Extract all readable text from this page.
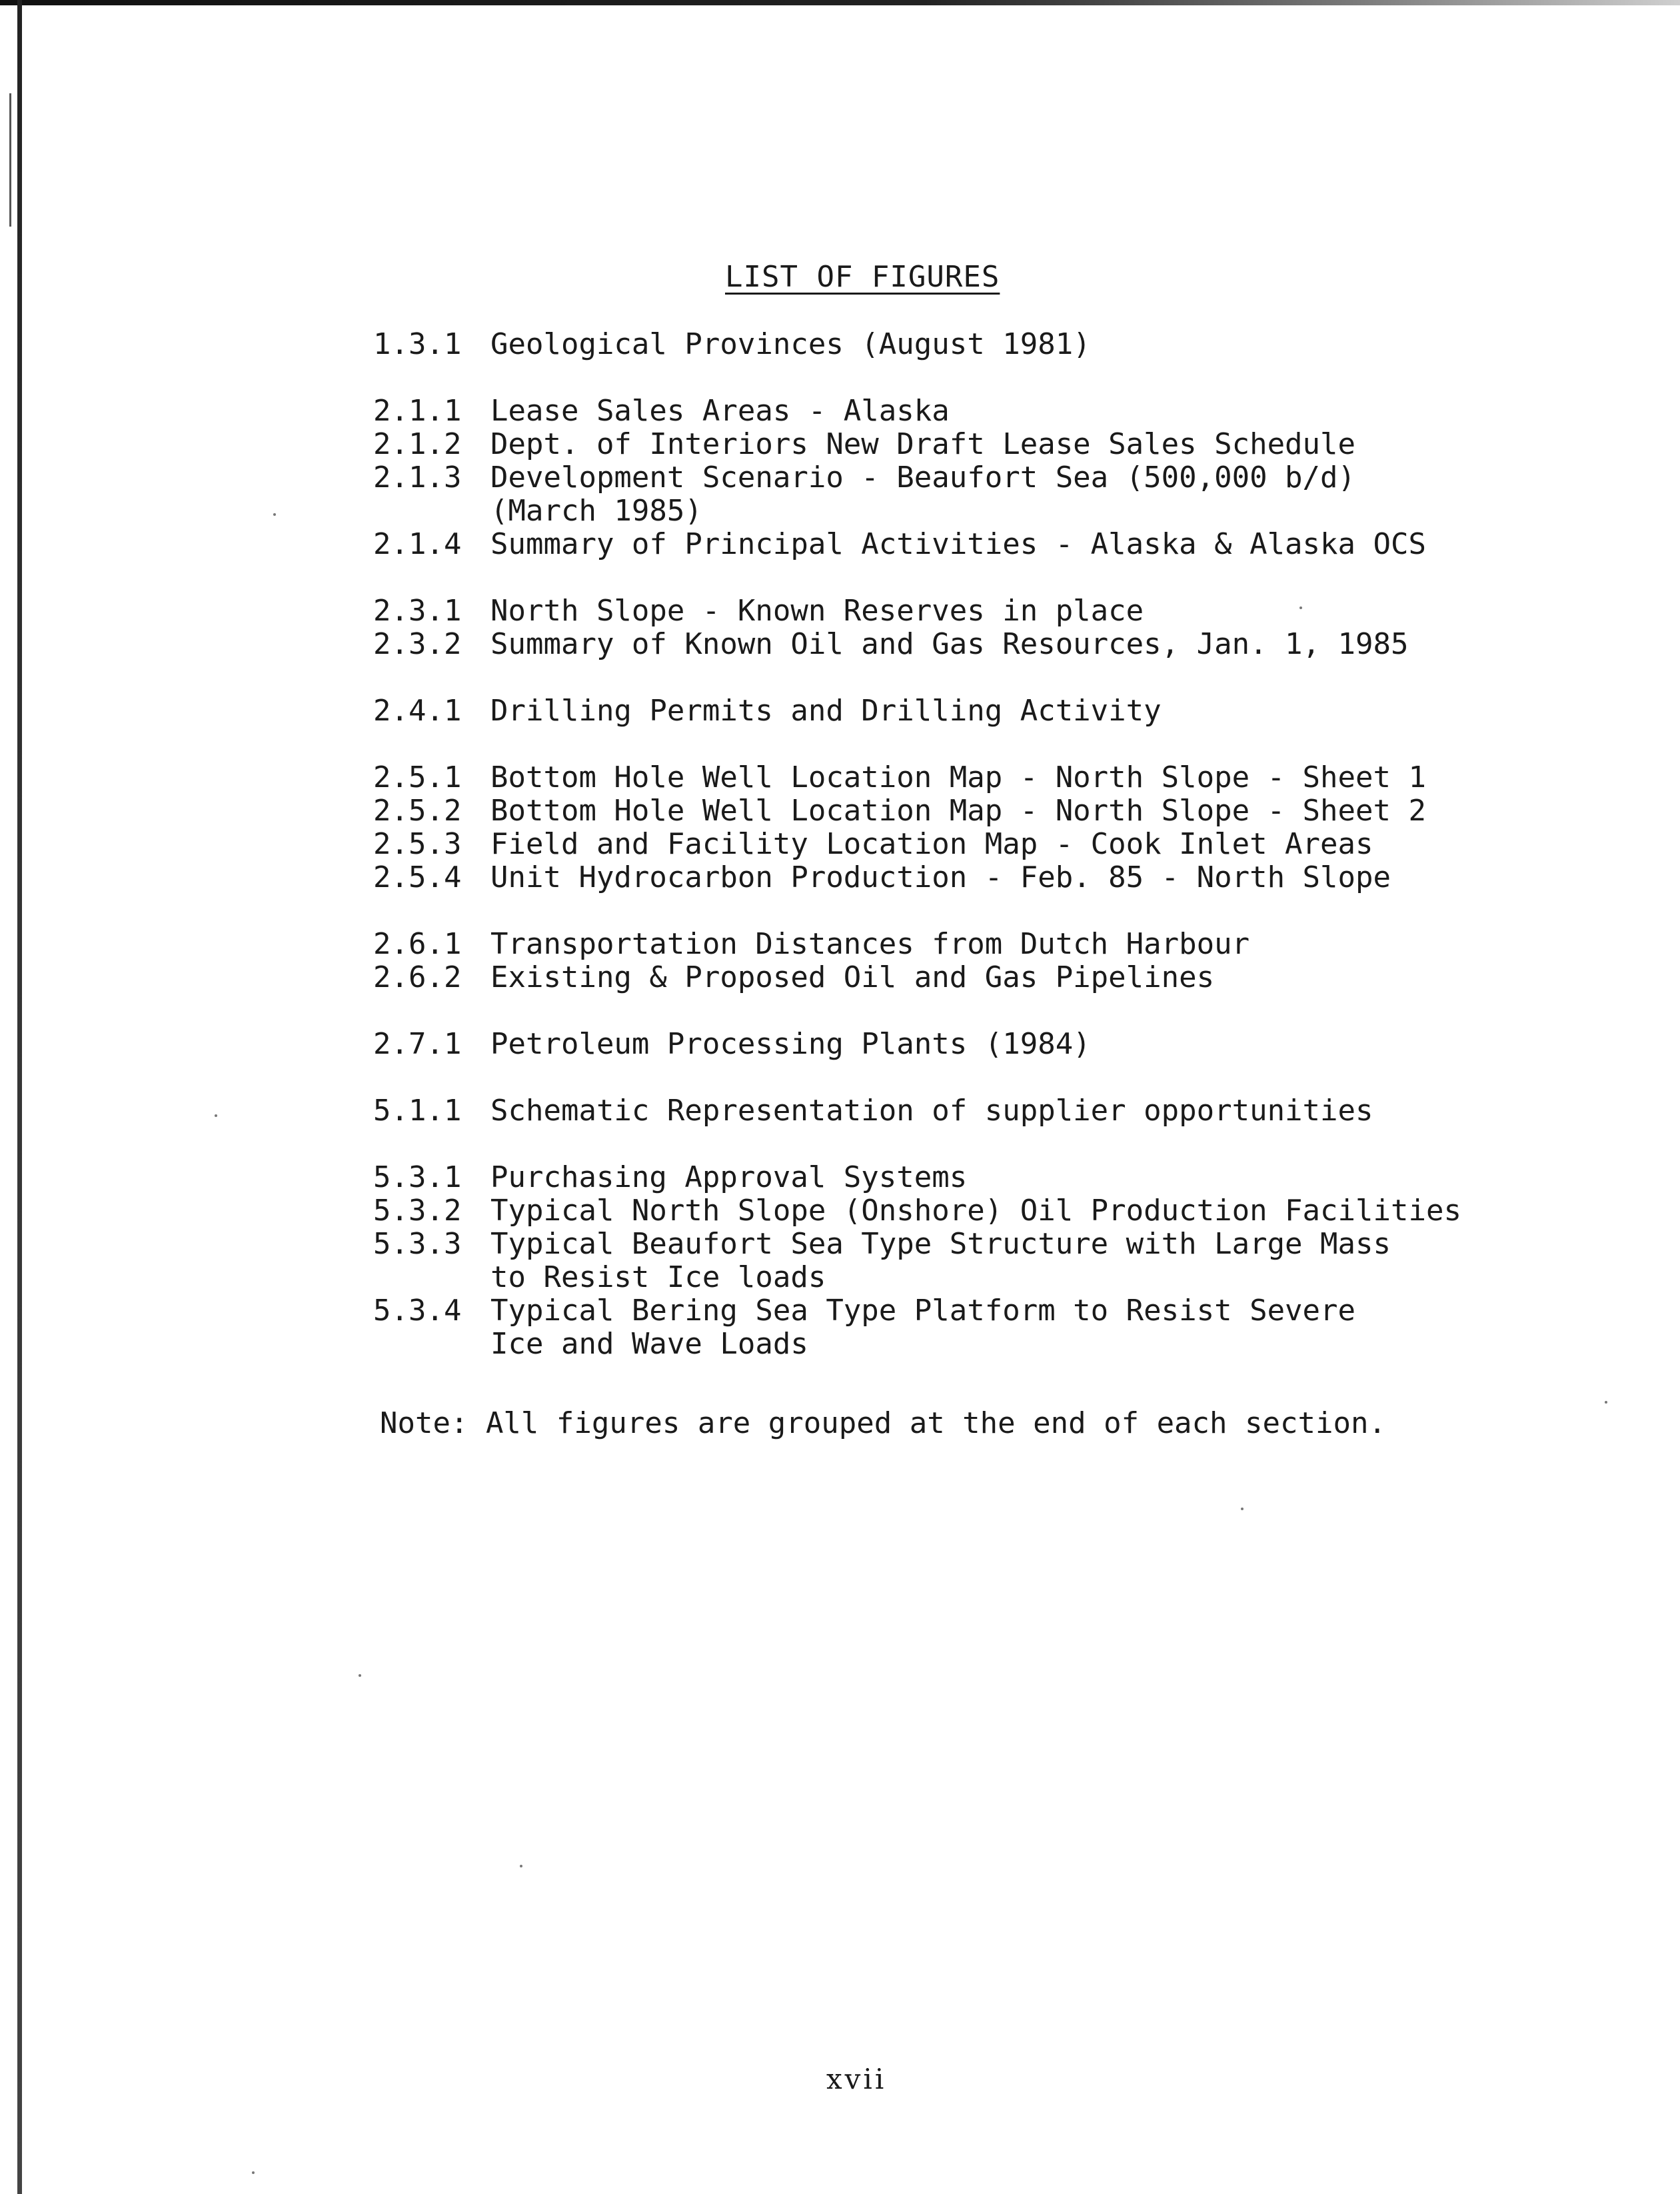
LIST OF FIGURES
1.3.1 Geological Provinces (August 1981)
2.1.1 Lease Sales Areas - Alaska
2.1.2 Dept. of Interiors New Draft Lease Sales Schedule
2.1.3 Development Scenario - Beaufort Sea (500,000 b/d)
(March 1985)
2.1.4 Summary of Principal Activities - Alaska & Alaska OCS
2.3.1 North Slope - Known Reserves in place
2.3.2 Summary of Known Oil and Gas Resources, Jan. 1, 1985
2.4.1 Drilling Permits and Drilling Activity
2.5.1 Bottom Hole Well Location Map - North Slope - Sheet 1
2.5.2 Bottom Hole Well Location Map - North Slope - Sheet 2
2.5.3 Field and Facility Location Map - Cook Inlet Areas
2.5.4 Unit Hydrocarbon Production - Feb. 85 - North Slope
2.6.1 Transportation Distances from Dutch Harbour
2.6.2 Existing & Proposed Oil and Gas Pipelines
2.7.1 Petroleum Processing Plants (1984)
5.1.1 Schematic Representation of supplier opportunities
5.3.1 Purchasing Approval Systems
5.3.2 Typical North Slope (Onshore) Oil Production Facilities
5.3.3 Typical Beaufort Sea Type Structure with Large Mass
to Resist Ice loads
5.3.4 Typical Bering Sea Type Platform to Resist Severe
Ice and Wave Loads
Note: All figures are grouped at the end of each section.
xvii
